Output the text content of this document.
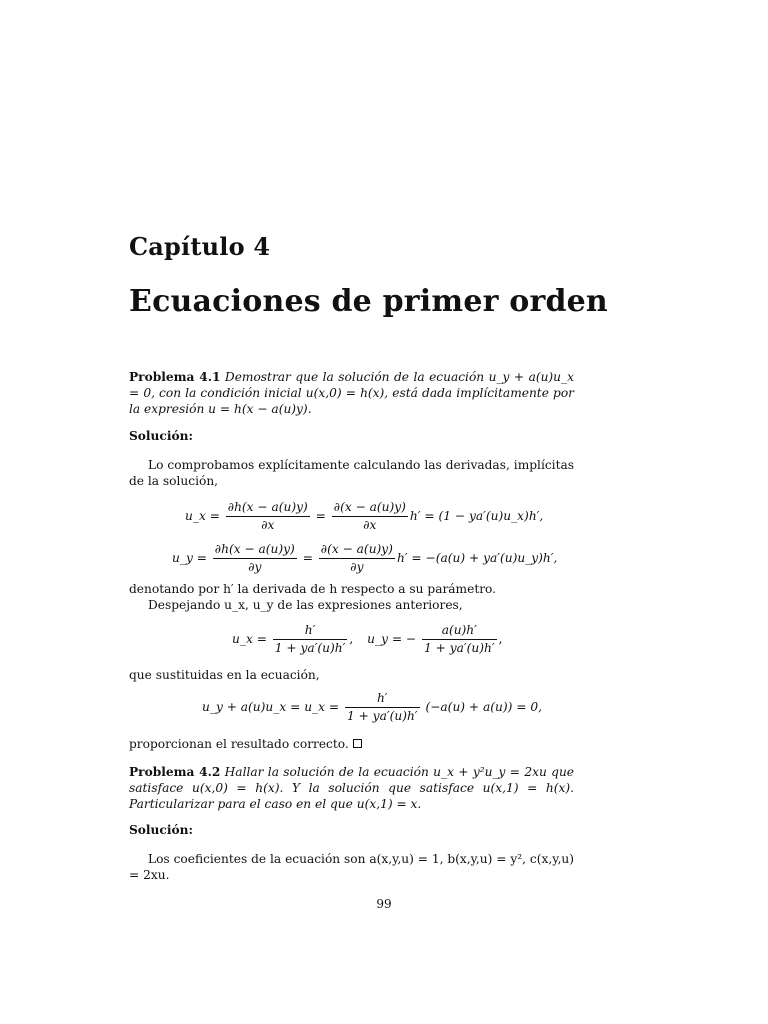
Capítulo 4
Ecuaciones de primer orden
Problema 4.1 Demostrar que la solución de la ecuación u_y + a(u)u_x = 0, con la condición inicial u(x,0) = h(x), está dada implícitamente por la expresión u = h(x − a(u)y).
Solución:
Lo comprobamos explícitamente calculando las derivadas, implícitas de la solución,
u_x = $\frac{\partial h(x - a(u)y)}{\partial x} = \frac{\partial(x - a(u)y)}{\partial x} h' = (1$ − ya′(u)u_x)h′,
u_y = $\frac{\partial h(x - a(u)y)}{\partial y} = \frac{\partial(x - a(u)y)}{\partial y} h' = -(a(u)$ + ya′(u)u_y)h′,
denotando por h′ la derivada de h respecto a su parámetro.
Despejando u_x, u_y de las expresiones anteriores,
u_x = $\frac{h'}{1 + ya'(u)h'}$ , u_y = − $\frac{a(u)h'}{1 + ya'(u)h'}$ ,
que sustituidas en la ecuación,
u_y + a(u)u_x = u_x = $\frac{h'}{1 + ya'(u)h'} (-a(u) + a(u)) = 0$,
proporcionan el resultado correcto.
Problema 4.2 Hallar la solución de la ecuación u_x + y²u_y = 2xu que satisface u(x,0) = h(x). Y la solución que satisface u(x,1) = h(x). Particularizar para el caso en el que u(x,1) = x.
Solución:
Los coeficientes de la ecuación son a(x,y,u) = 1, b(x,y,u) = y², c(x,y,u) = 2xu.
99
